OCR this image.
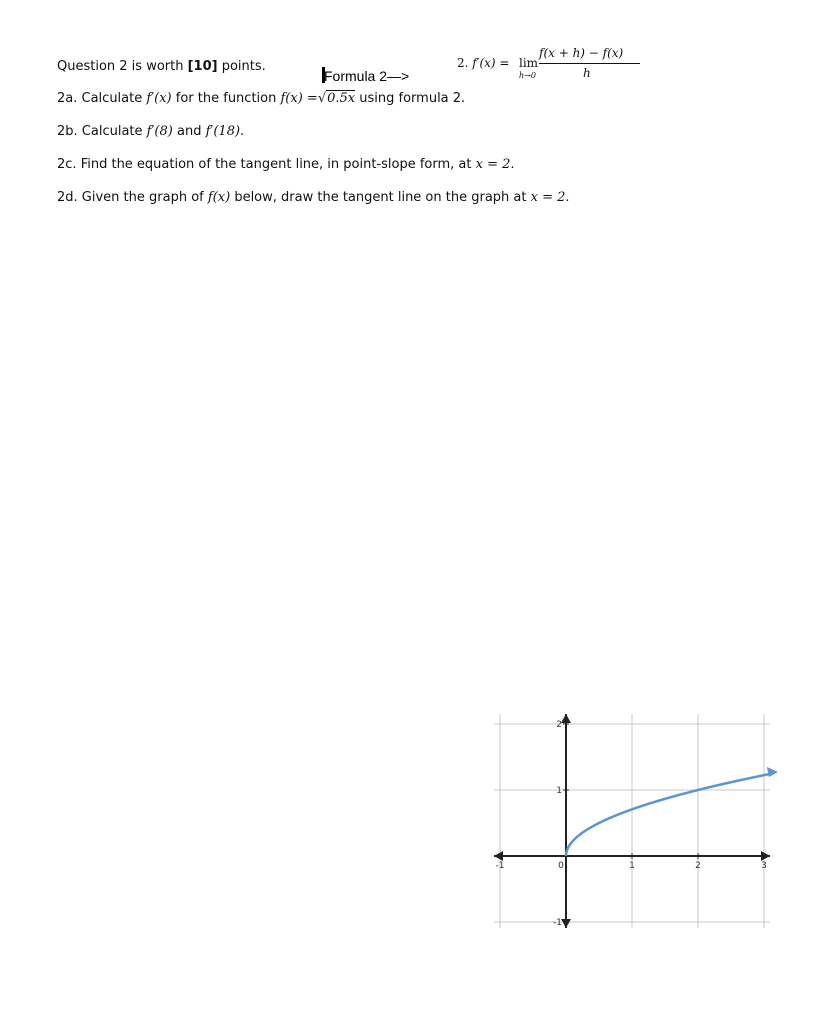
Question 2 is worth [10] points.
Formula 2—>
2. f′(x) = lim
h→0
f(x + h) − f(x)
h
2a. Calculate f′(x) for the function f(x) =√0.5x using formula 2.
2b. Calculate f′(8) and f′(18).
2c. Find the equation of the tangent line, in point-slope form, at x = 2.
2d. Given the graph of f(x) below, draw the tangent line on the graph at x = 2.
-1	0	1	2	3
2
1
-1
